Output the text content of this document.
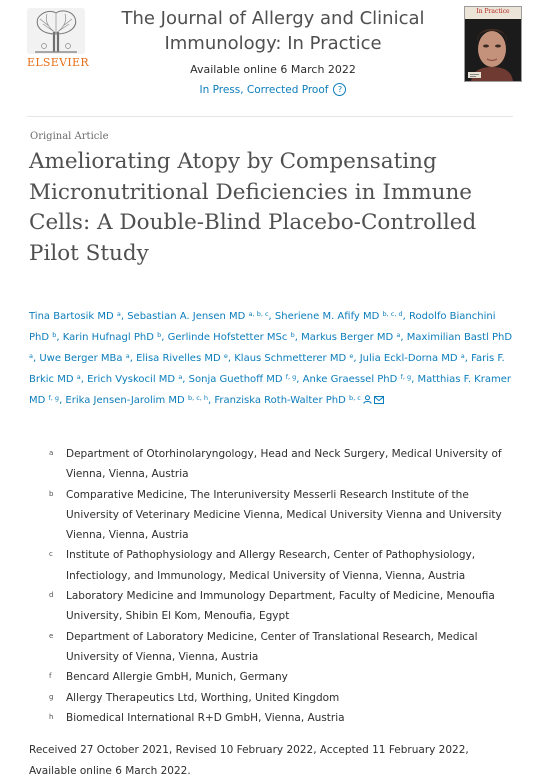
ELSEVIER
The Journal of Allergy and Clinical
Immunology: In Practice
Available online 6 March 2022
In Press, Corrected Proof	?
In Practice
Original Article
Ameliorating Atopy by Compensating Micronutritional Deficiencies in Immune Cells: A Double-Blind Placebo-Controlled Pilot Study
Tina Bartosik MD $^a$, Sebastian A. Jensen MD $^{a, b, c}$, Sheriene M. Afify MD $^{b, c, d}$, Rodolfo Bianchini PhD $^b$, Karin Hufnagl PhD $^b$, Gerlinde Hofstetter MSc $^b$, Markus Berger MD $^a$, Maximilian Bastl PhD $^a$, Uwe Berger MBa $^a$, Elisa Rivelles MD $^e$, Klaus Schmetterer MD $^e$, Julia Eckl-Dorna MD $^a$, Faris F. Brkic MD $^a$, Erich Vyskocil MD $^a$, Sonja Guethoff MD $^{f, g}$, Anke Graessel PhD $^{f, g}$, Matthias F. Kramer MD $^{f, g}$, Erika Jensen-Jarolim MD $^{b, c, h}$, Franziska Roth-Walter PhD $^{b, c}$
a	Department of Otorhinolaryngology, Head and Neck Surgery, Medical University of Vienna, Vienna, Austria
b	Comparative Medicine, The Interuniversity Messerli Research Institute of the University of Veterinary Medicine Vienna, Medical University Vienna and University Vienna, Vienna, Austria
c	Institute of Pathophysiology and Allergy Research, Center of Pathophysiology, Infectiology, and Immunology, Medical University of Vienna, Vienna, Austria
d	Laboratory Medicine and Immunology Department, Faculty of Medicine, Menoufia University, Shibin El Kom, Menoufia, Egypt
e	Department of Laboratory Medicine, Center of Translational Research, Medical University of Vienna, Vienna, Austria
f	Bencard Allergie GmbH, Munich, Germany
g	Allergy Therapeutics Ltd, Worthing, United Kingdom
h	Biomedical International R+D GmbH, Vienna, Austria
Received 27 October 2021, Revised 10 February 2022, Accepted 11 February 2022, Available online 6 March 2022.
